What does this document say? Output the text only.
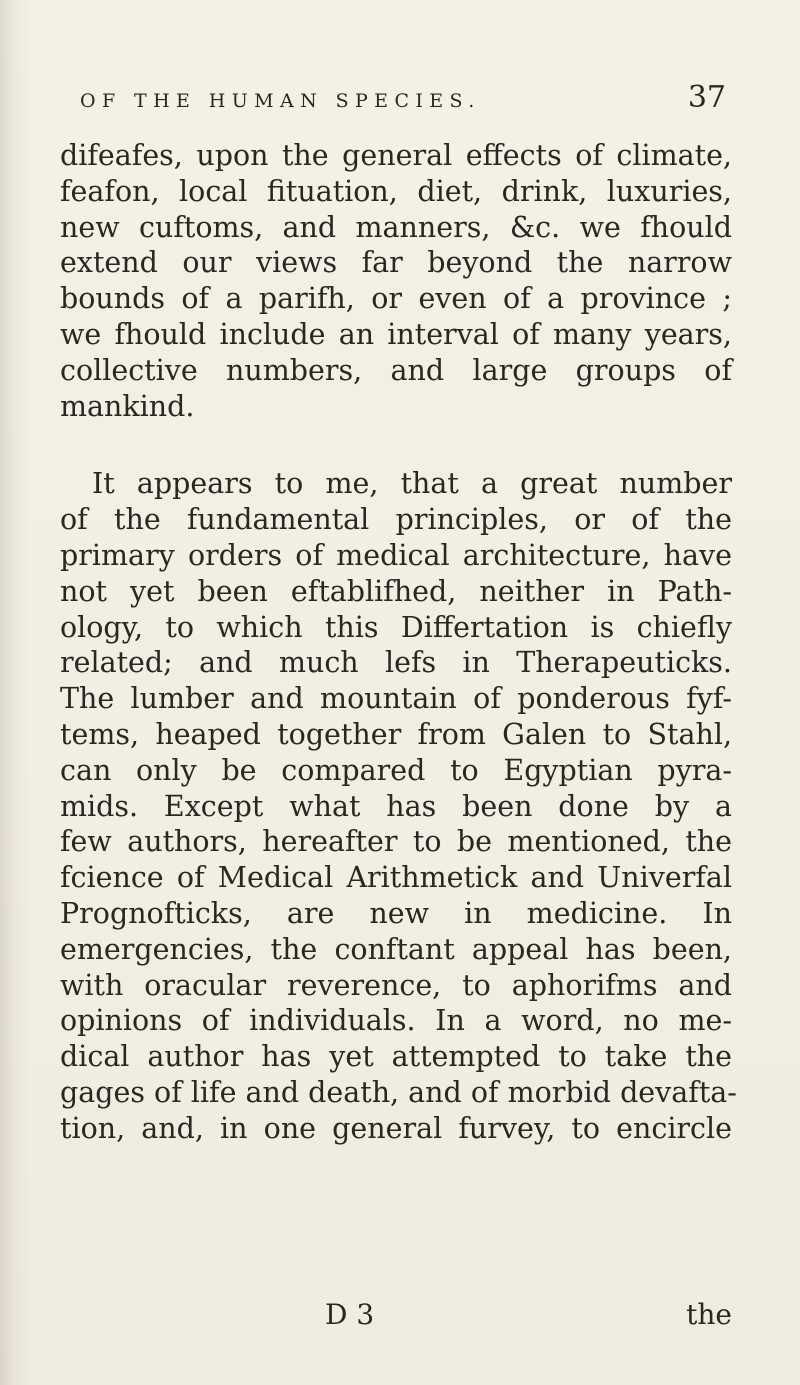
OF THE HUMAN SPECIES.	37
difeafes, upon the general effects of climate,
feafon, local fituation, diet, drink, luxuries,
new cuftoms, and manners, &c. we fhould
extend our views far beyond the narrow
bounds of a parifh, or even of a province ;
we fhould include an interval of many years,
collective numbers, and large groups of
mankind.
It appears to me, that a great number
of the fundamental principles, or of the
primary orders of medical architecture, have
not yet been eftablifhed, neither in Path-
ology, to which this Differtation is chiefly
related; and much lefs in Therapeuticks.
The lumber and mountain of ponderous fyf-
tems, heaped together from Galen to Stahl,
can only be compared to Egyptian pyra-
mids. Except what has been done by a
few authors, hereafter to be mentioned, the
fcience of Medical Arithmetick and Univerfal
Prognofticks, are new in medicine. In
emergencies, the conftant appeal has been,
with oracular reverence, to aphorifms and
opinions of individuals. In a word, no me-
dical author has yet attempted to take the
gages of life and death, and of morbid devafta-
tion, and, in one general furvey, to encircle
D 3	the
